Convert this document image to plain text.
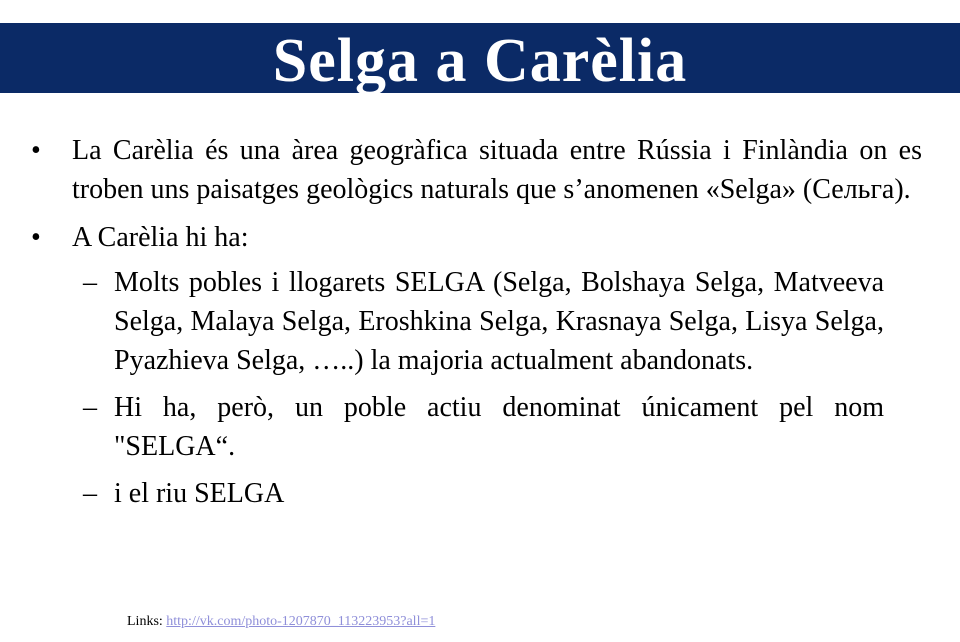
Selga a Carèlia
• La Carèlia és una àrea geogràfica situada entre Rússia i Finlàndia on es troben uns paisatges geològics naturals que s’anomenen «Selga» (Сельга).
• A Carèlia hi ha:
– Molts pobles i llogarets SELGA (Selga, Bolshaya Selga, Matveeva Selga, Malaya Selga, Eroshkina Selga, Krasnaya Selga, Lisya Selga, Pyazhieva Selga, …..) la majoria actualment abandonats.
– Hi ha, però, un poble actiu denominat únicament pel nom "SELGA“.
– i el riu SELGA
Links: http://vk.com/photo-1207870_113223953?all=1
